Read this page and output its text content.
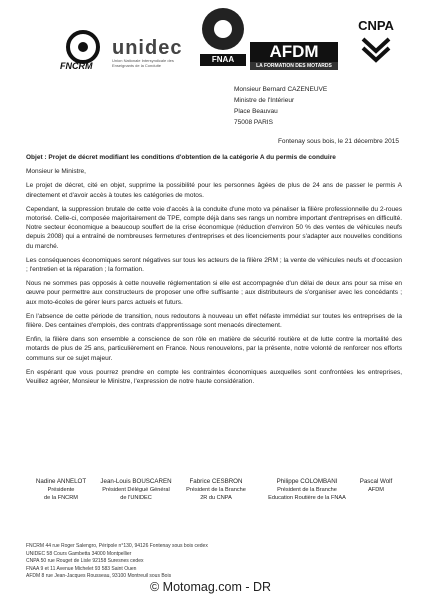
FNCRM
unidec
Union Nationale Intersyndicale des Enseignants de la Conduite
FNAA	AFDM
LA FORMATION DES MOTARDS
CNPA
Monsieur Bernard CAZENEUVE
Ministre de l'Intérieur
Place Beauvau
75008 PARIS
Fontenay sous bois, le 21 décembre 2015
Objet : Projet de décret modifiant les conditions d'obtention de la catégorie A du permis de conduire
Monsieur le Ministre,

Le projet de décret, cité en objet, supprime la possibilité pour les personnes âgées de plus de 24 ans de passer le permis A directement et d'avoir accès à toutes les catégories de motos.

Cependant, la suppression brutale de cette voie d'accès à la conduite d'une moto va pénaliser la filière professionnelle du 2-roues motorisé. Celle-ci, composée majoritairement de TPE, compte déjà dans ses rangs un nombre important d'entreprises en difficulté. Notre secteur économique a beaucoup souffert de la crise économique (réduction d'environ 50 % des ventes de véhicules neufs depuis 2008) qui a entraîné de nombreuses fermetures d'entreprises et des licenciements pour s'adapter aux nouvelles conditions du marché.

Les conséquences économiques seront négatives sur tous les acteurs de la filière 2RM ; la vente de véhicules neufs et d'occasion ; l'entretien et la réparation ; la formation.

Nous ne sommes pas opposés à cette nouvelle réglementation si elle est accompagnée d'un délai de deux ans pour sa mise en œuvre pour permettre aux constructeurs de proposer une offre suffisante ; aux distributeurs de s'organiser avec les concédants ; aux moto-écoles de gérer leurs parcs actuels et futurs.

En l'absence de cette période de transition, nous redoutons à nouveau un effet néfaste immédiat sur toutes les entreprises de la filière. Des centaines d'emplois, des contrats d'apprentissage sont menacés directement.

Enfin, la filière dans son ensemble a conscience de son rôle en matière de sécurité routière et de lutte contre la mortalité des motards de plus de 25 ans, particulièrement en France. Nous renouvelons, par la présente, notre volonté de renforcer nos efforts communs sur ce sujet majeur.

En espérant que vous pourrez prendre en compte les contraintes économiques auxquelles sont confrontées les entreprises, Veuillez agréer, Monsieur le Ministre, l'expression de notre haute considération.

Nadine ANNELOT
Présidente
de la FNCRM
Jean-Louis BOUSCAREN
Président Délégué Général
de l'UNIDEC
Fabrice CESBRON
Président de la Branche
2R du CNPA
Philippe COLOMBANI
Président de la Branche
Education Routière de la FNAA
Pascal Wolf
AFDM
FNCRM 44 rue Roger Salengro, Péripole n°130, 94126 Fontenay sous bois cedex
UNIDEC 58 Cours Gambetta 34000 Montpellier
CNPA 50 rue Rouget de Lisle 92158 Suresnes cedex
FNAA 9 et 11 Avenue Michelet 93 583 Saint Ouen
AFDM 8 rue Jean-Jacques Rousseau, 93100 Montreuil sous Bois
© Motomag.com - DR
